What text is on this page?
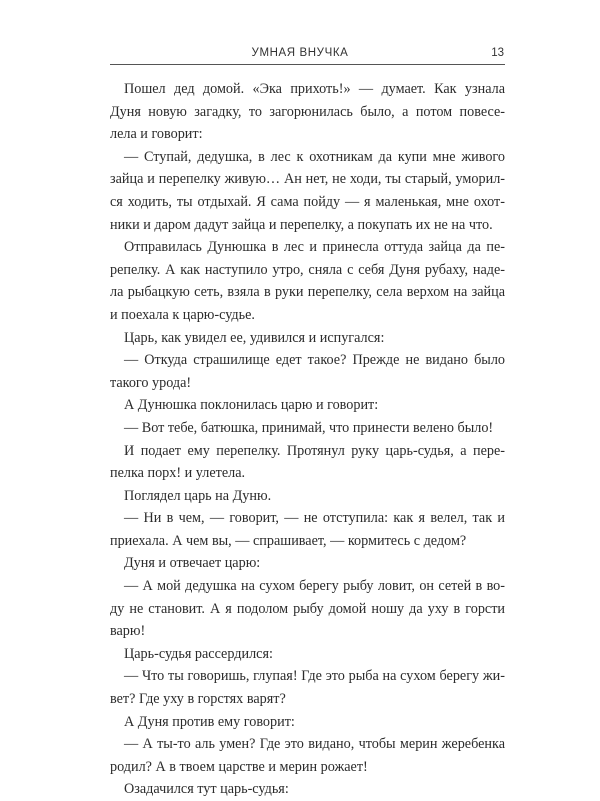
УМНАЯ ВНУЧКА	13
Пошел дед домой. «Эка прихоть!» — думает. Как узнала
Дуня новую загадку, то загорюнилась было, а потом повесе-
лела и говорит:
— Ступай, дедушка, в лес к охотникам да купи мне живого
зайца и перепелку живую… Ан нет, не ходи, ты старый, уморил-
ся ходить, ты отдыхай. Я сама пойду — я маленькая, мне охот-
ники и даром дадут зайца и перепелку, а покупать их не на что.
Отправилась Дунюшка в лес и принесла оттуда зайца да пе-
репелку. А как наступило утро, сняла с себя Дуня рубаху, наде-
ла рыбацкую сеть, взяла в руки перепелку, села верхом на зайца
и поехала к царю-судье.
Царь, как увидел ее, удивился и испугался:
— Откуда страшилище едет такое? Прежде не видано было
такого урода!
А Дунюшка поклонилась царю и говорит:
— Вот тебе, батюшка, принимай, что принести велено было!
И подает ему перепелку. Протянул руку царь-судья, а пере-
пелка порх! и улетела.
Поглядел царь на Дуню.
— Ни в чем, — говорит, — не отступила: как я велел, так и
приехала. А чем вы, — спрашивает, — кормитесь с дедом?
Дуня и отвечает царю:
— А мой дедушка на сухом берегу рыбу ловит, он сетей в во-
ду не становит. А я подолом рыбу домой ношу да уху в горсти
варю!
Царь-судья рассердился:
— Что ты говоришь, глупая! Где это рыба на сухом берегу жи-
вет? Где уху в горстях варят?
А Дуня против ему говорит:
— А ты-то аль умен? Где это видано, чтобы мерин жеребенка
родил? А в твоем царстве и мерин рожает!
Озадачился тут царь-судья:
